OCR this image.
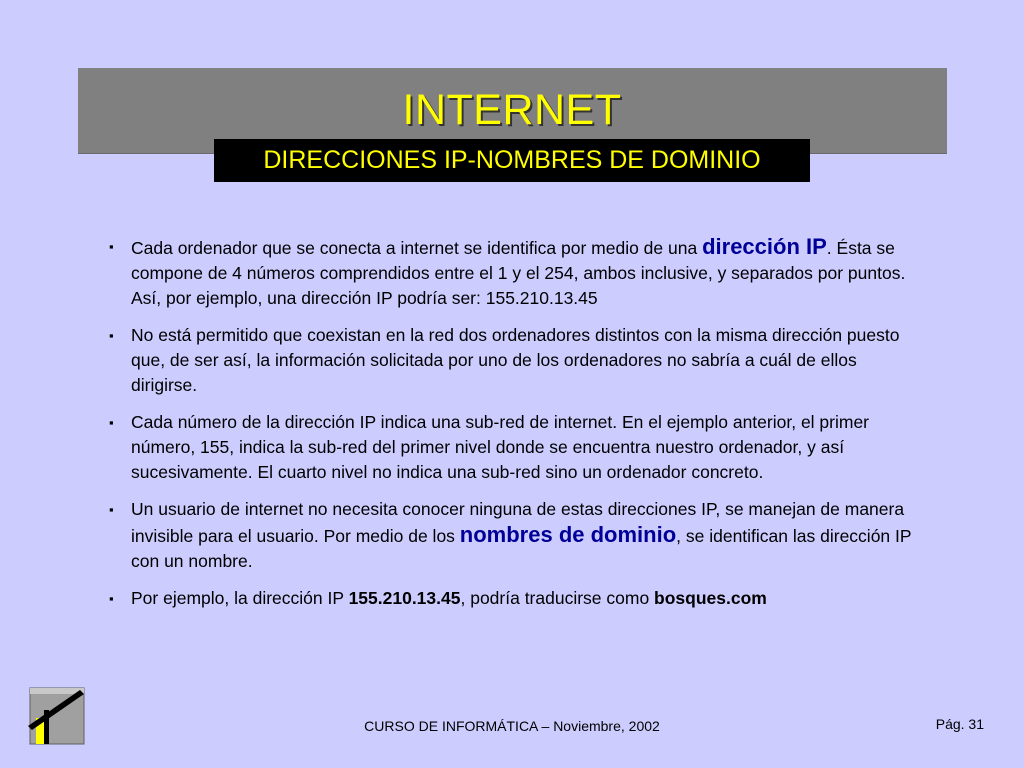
INTERNET
DIRECCIONES IP-NOMBRES DE DOMINIO
▪ Cada ordenador que se conecta a internet se identifica por medio de una dirección IP. Ésta se compone de 4 números comprendidos entre el 1 y el 254, ambos inclusive, y separados por puntos. Así, por ejemplo, una dirección IP podría ser: 155.210.13.45
▪ No está permitido que coexistan en la red dos ordenadores distintos con la misma dirección puesto que, de ser así, la información solicitada por uno de los ordenadores no sabría a cuál de ellos dirigirse.
▪ Cada número de la dirección IP indica una sub-red de internet. En el ejemplo anterior, el primer número, 155, indica la sub-red del primer nivel donde se encuentra nuestro ordenador, y así sucesivamente. El cuarto nivel no indica una sub-red sino un ordenador concreto.
▪ Un usuario de internet no necesita conocer ninguna de estas direcciones IP, se manejan de manera invisible para el usuario. Por medio de los nombres de dominio, se identifican las dirección IP con un nombre.
▪ Por ejemplo, la dirección IP 155.210.13.45, podría traducirse como bosques.com
CURSO DE INFORMÁTICA – Noviembre, 2002	Pág. 31
